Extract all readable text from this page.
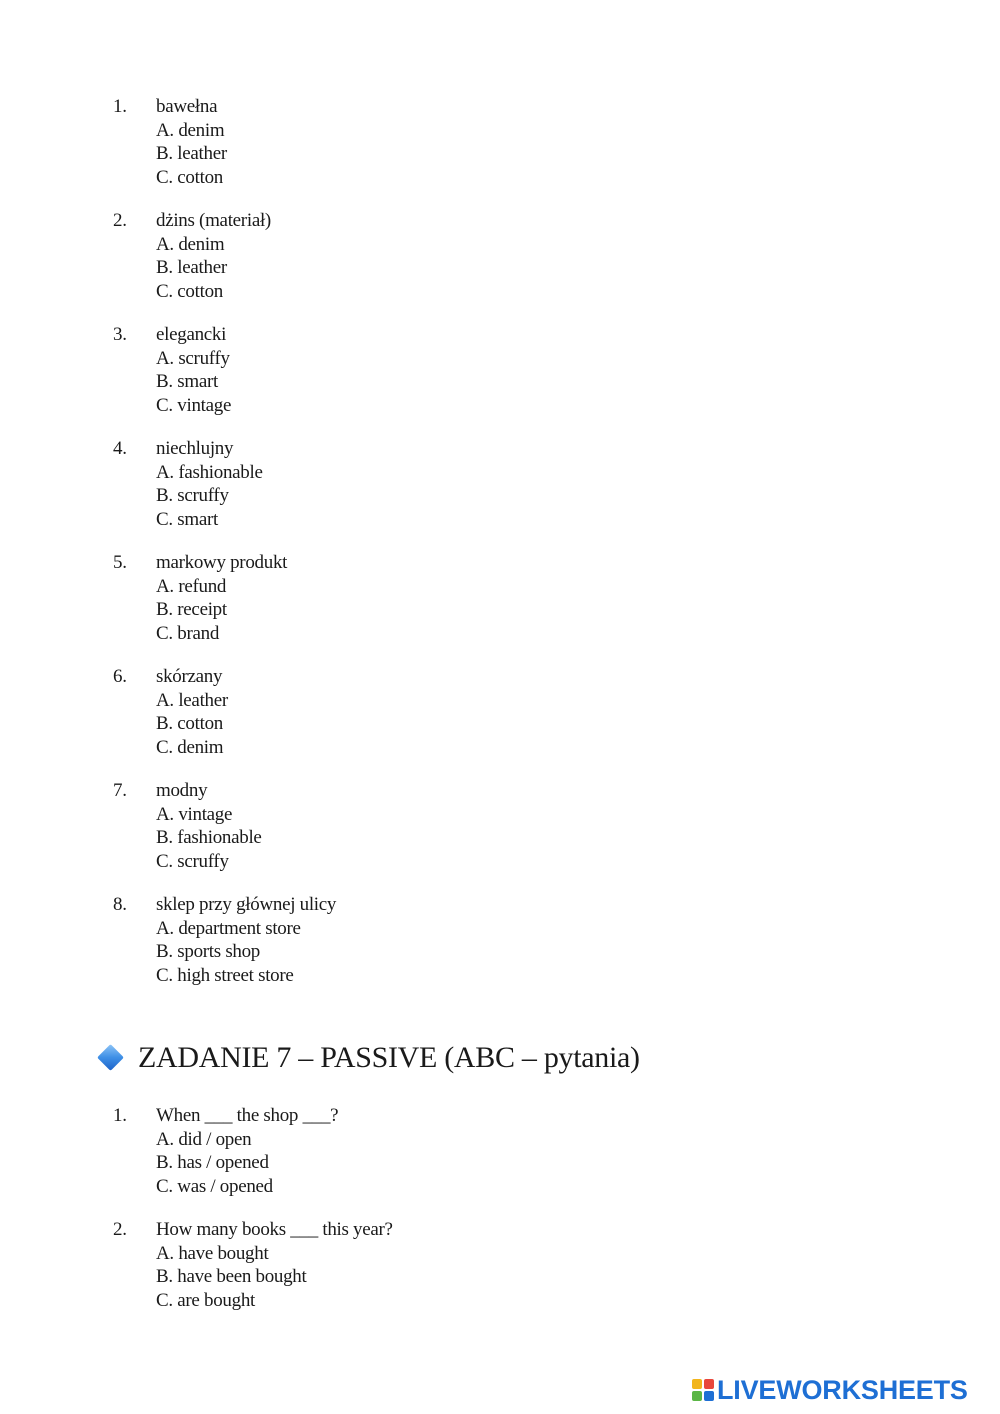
1. bawełna
A. denim
B. leather
C. cotton
2. dżins (materiał)
A. denim
B. leather
C. cotton
3. elegancki
A. scruffy
B. smart
C. vintage
4. niechlujny
A. fashionable
B. scruffy
C. smart
5. markowy produkt
A. refund
B. receipt
C. brand
6. skórzany
A. leather
B. cotton
C. denim
7. modny
A. vintage
B. fashionable
C. scruffy
8. sklep przy głównej ulicy
A. department store
B. sports shop
C. high street store
ZADANIE 7 – PASSIVE (ABC – pytania)
1. When ___ the shop ___?
A. did / open
B. has / opened
C. was / opened
2. How many books ___ this year?
A. have bought
B. have been bought
C. are bought
LIVEWORKSHEETS
